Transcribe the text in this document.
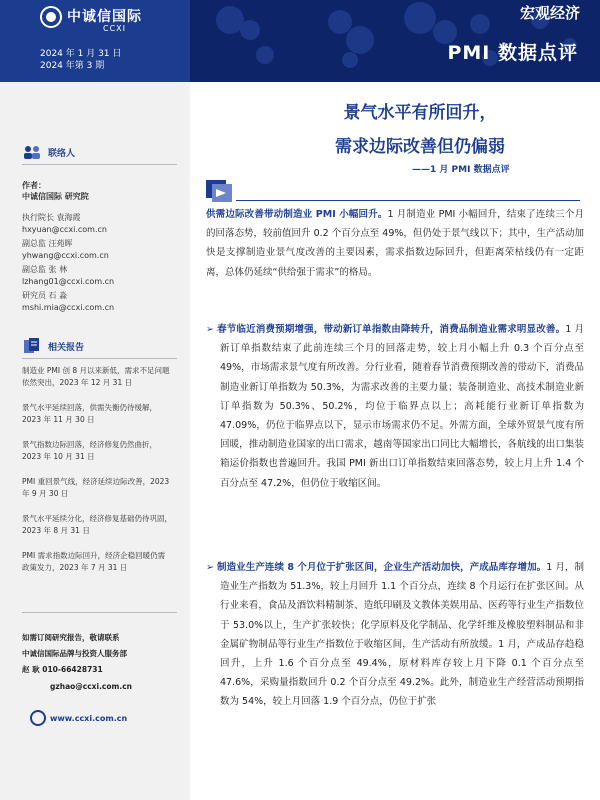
中诚信国际
CCXI
2024 年 1 月 31 日
2024 年第 3 期
宏观经济
PMI 数据点评
联络人
作者：
中诚信国际 研究院
执行院长 袁海霞
hxyuan@ccxi.com.cn
副总监 汪苑晖
yhwang@ccxi.com.cn
副总监 张 林
lzhang01@ccxi.com.cn
研究员 石 淼
mshi.mia@ccxi.com.cn
相关报告
制造业 PMI 创 8 月以来新低，需求不足问题依然突出，2023 年 12 月 31 日
景气水平延续回落，供需失衡仍待缓解，2023 年 11 月 30 日
景气指数边际回落，经济修复仍然曲折，2023 年 10 月 31 日
PMI 重回景气线，经济延续边际改善，2023 年 9 月 30 日
景气水平延续分化，经济修复基础仍待巩固，2023 年 8 月 31 日
PMI 需求指数边际回升，经济企稳回暖仍需政策发力，2023 年 7 月 31 日
如需订阅研究报告，敬请联系
中诚信国际品牌与投资人服务部
赵 耿 010-66428731
gzhao@ccxi.com.cn
www.ccxi.com.cn
景气水平有所回升，
需求边际改善但仍偏弱
——1 月 PMI 数据点评
供需边际改善带动制造业 PMI 小幅回升。1 月制造业 PMI 小幅回升，结束了连续三个月的回落态势，较前值回升 0.2 个百分点至 49%，但仍处于景气线以下；其中，生产活动加快是支撑制造业景气度改善的主要因素，需求指数边际回升，但距离荣枯线仍有一定距离，总体仍延续“供给强于需求”的格局。
➢ 春节临近消费预期增强，带动新订单指数由降转升，消费品制造业需求明显改善。1 月新订单指数结束了此前连续三个月的回落走势，较上月小幅上升 0.3 个百分点至 49%，市场需求景气度有所改善。分行业看，随着春节消费预期改善的带动下，消费品制造业新订单指数为 50.3%，为需求改善的主要力量；装备制造业、高技术制造业新订单指数为 50.3%、50.2%，均位于临界点以上；高耗能行业新订单指数为 47.09%，仍位于临界点以下，显示市场需求仍不足。外需方面，全球外贸景气度有所回暖，推动制造业国家的出口需求，越南等国家出口同比大幅增长，各航线的出口集装箱运价指数也普遍回升。我国 PMI 新出口订单指数结束回落态势，较上月上升 1.4 个百分点至 47.2%，但仍位于收缩区间。
➢ 制造业生产连续 8 个月位于扩张区间，企业生产活动加快，产成品库存增加。1 月，制造业生产指数为 51.3%，较上月回升 1.1 个百分点，连续 8 个月运行在扩张区间。从行业来看，食品及酒饮料精制茶、造纸印刷及文教体美娱用品、医药等行业生产指数位于 53.0%以上，生产扩张较快；化学原料及化学制品、化学纤维及橡胶塑料制品和非金属矿物制品等行业生产指数位于收缩区间，生产活动有所放缓。1 月，产成品存趋稳回升，上升 1.6 个百分点至 49.4%，原材料库存较上月下降 0.1 个百分点至 47.6%，采购量指数回升 0.2 个百分点至 49.2%。此外，制造业生产经营活动预期指数为 54%，较上月回落 1.9 个百分点，仍位于扩张
